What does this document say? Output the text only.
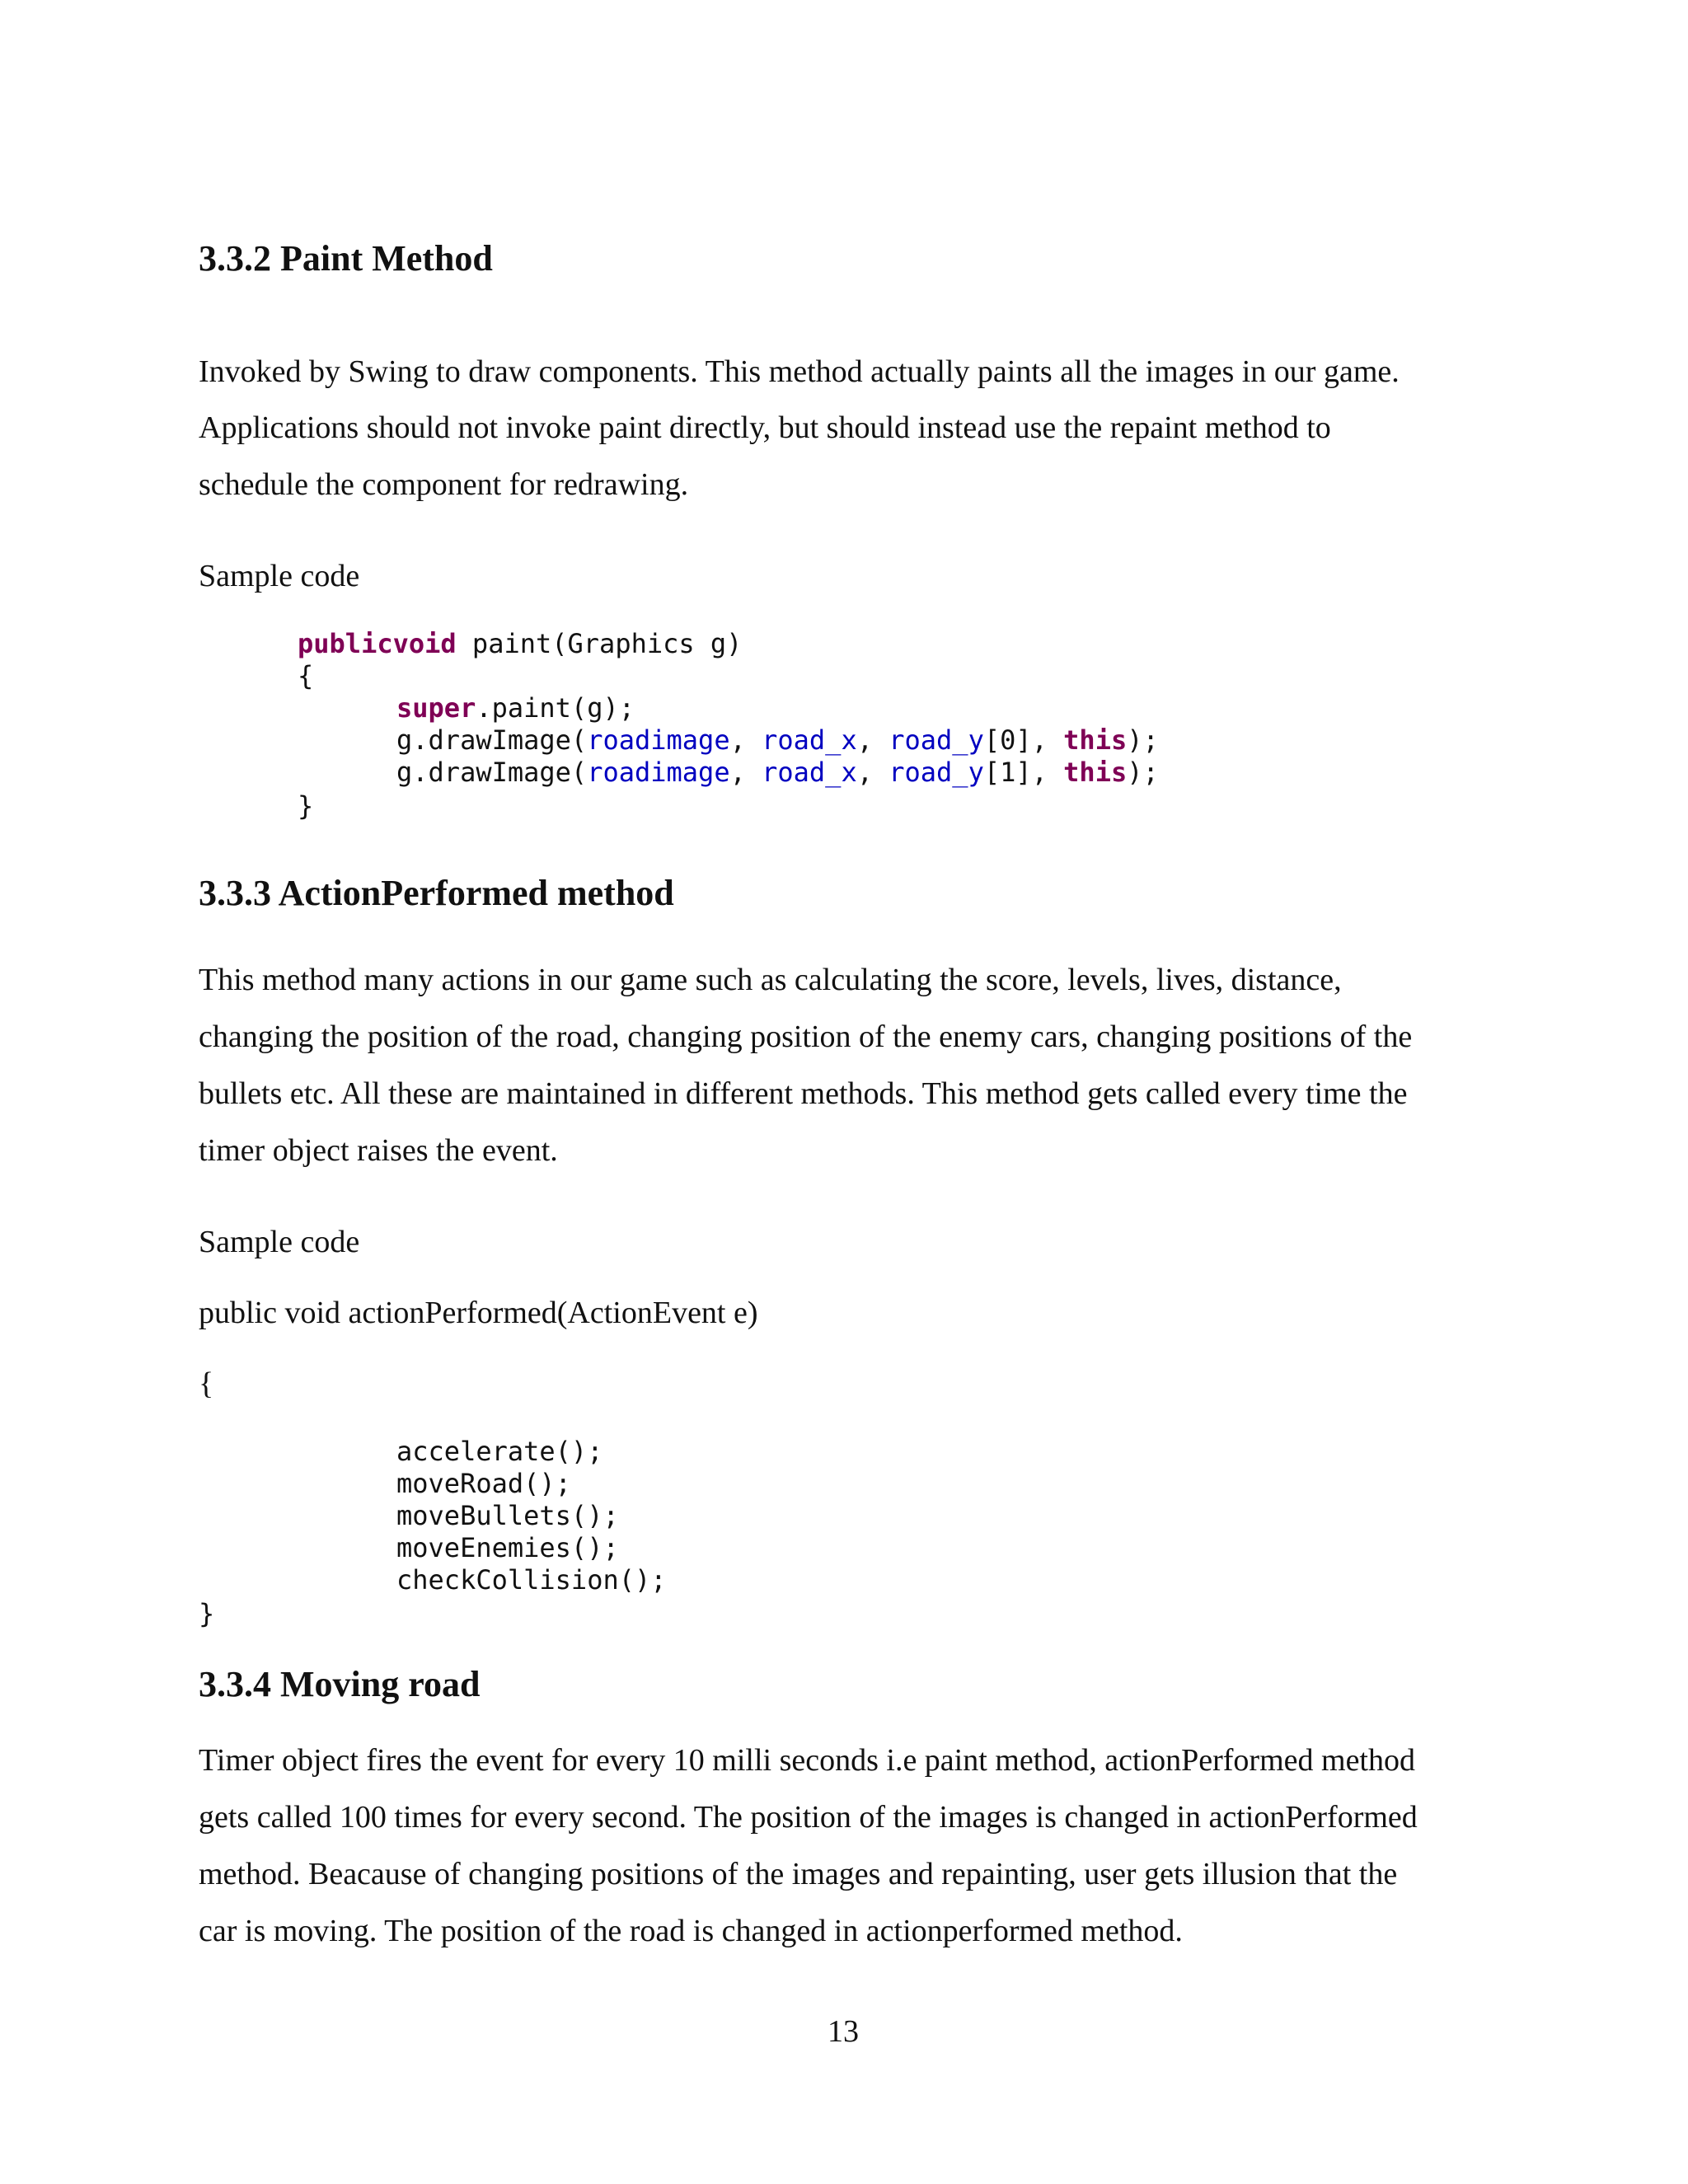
3.3.2 Paint Method
Invoked by Swing to draw components. This method actually paints all the images in our game.
Applications should not invoke paint directly, but should instead use the repaint method to
schedule the component for redrawing.
Sample code
publicvoid paint(Graphics g)
{
super.paint(g);
g.drawImage(roadimage, road_x, road_y[0], this);
g.drawImage(roadimage, road_x, road_y[1], this);
}
3.3.3 ActionPerformed method
This method many actions in our game such as calculating the score, levels, lives, distance,
changing the position of the road, changing position of the enemy cars, changing positions of the
bullets etc. All these are maintained in different methods. This method gets called every time the
timer object raises the event.
Sample code
public void actionPerformed(ActionEvent e)
{
accelerate();
moveRoad();
moveBullets();
moveEnemies();
checkCollision();
}
3.3.4 Moving road
Timer object fires the event for every 10 milli seconds i.e paint method, actionPerformed method
gets called 100 times for every second. The position of the images is changed in actionPerformed
method. Beacause of changing positions of the images and repainting, user gets illusion that the
car is moving. The position of the road is changed in actionperformed method.
13
